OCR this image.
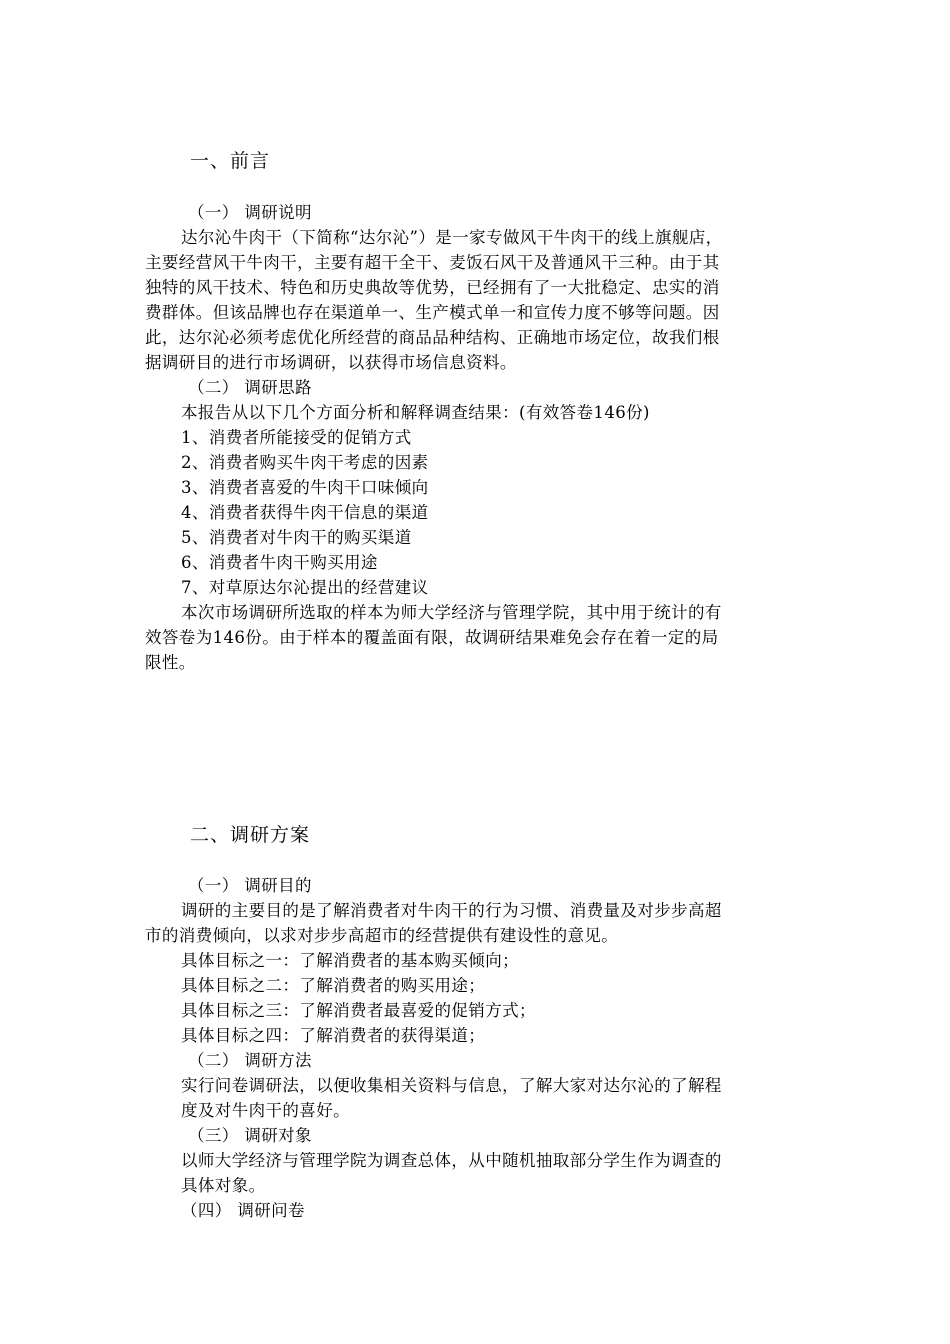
一、前言
（一） 调研说明
达尔沁牛肉干（下简称“达尔沁”）是一家专做风干牛肉干的线上旗舰店，
主要经营风干牛肉干，主要有超干全干、麦饭石风干及普通风干三种。由于其
独特的风干技术、特色和历史典故等优势，已经拥有了一大批稳定、忠实的消
费群体。但该品牌也存在渠道单一、生产模式单一和宣传力度不够等问题。因
此，达尔沁必须考虑优化所经营的商品品种结构、正确地市场定位，故我们根
据调研目的进行市场调研，以获得市场信息资料。
（二） 调研思路
本报告从以下几个方面分析和解释调查结果：(有效答卷146份)
1、消费者所能接受的促销方式
2、消费者购买牛肉干考虑的因素
3、消费者喜爱的牛肉干口味倾向
4、消费者获得牛肉干信息的渠道
5、消费者对牛肉干的购买渠道
6、消费者牛肉干购买用途
7、对草原达尔沁提出的经营建议
本次市场调研所选取的样本为师大学经济与管理学院，其中用于统计的有
效答卷为146份。由于样本的覆盖面有限，故调研结果难免会存在着一定的局
限性。
二、调研方案
（一） 调研目的
调研的主要目的是了解消费者对牛肉干的行为习惯、消费量及对步步高超
市的消费倾向，以求对步步高超市的经营提供有建设性的意见。
具体目标之一：了解消费者的基本购买倾向；
具体目标之二：了解消费者的购买用途；
具体目标之三：了解消费者最喜爱的促销方式；
具体目标之四：了解消费者的获得渠道；
（二） 调研方法
实行问卷调研法，以便收集相关资料与信息，了解大家对达尔沁的了解程
度及对牛肉干的喜好。
（三） 调研对象
以师大学经济与管理学院为调查总体，从中随机抽取部分学生作为调查的
具体对象。
（四） 调研问卷
